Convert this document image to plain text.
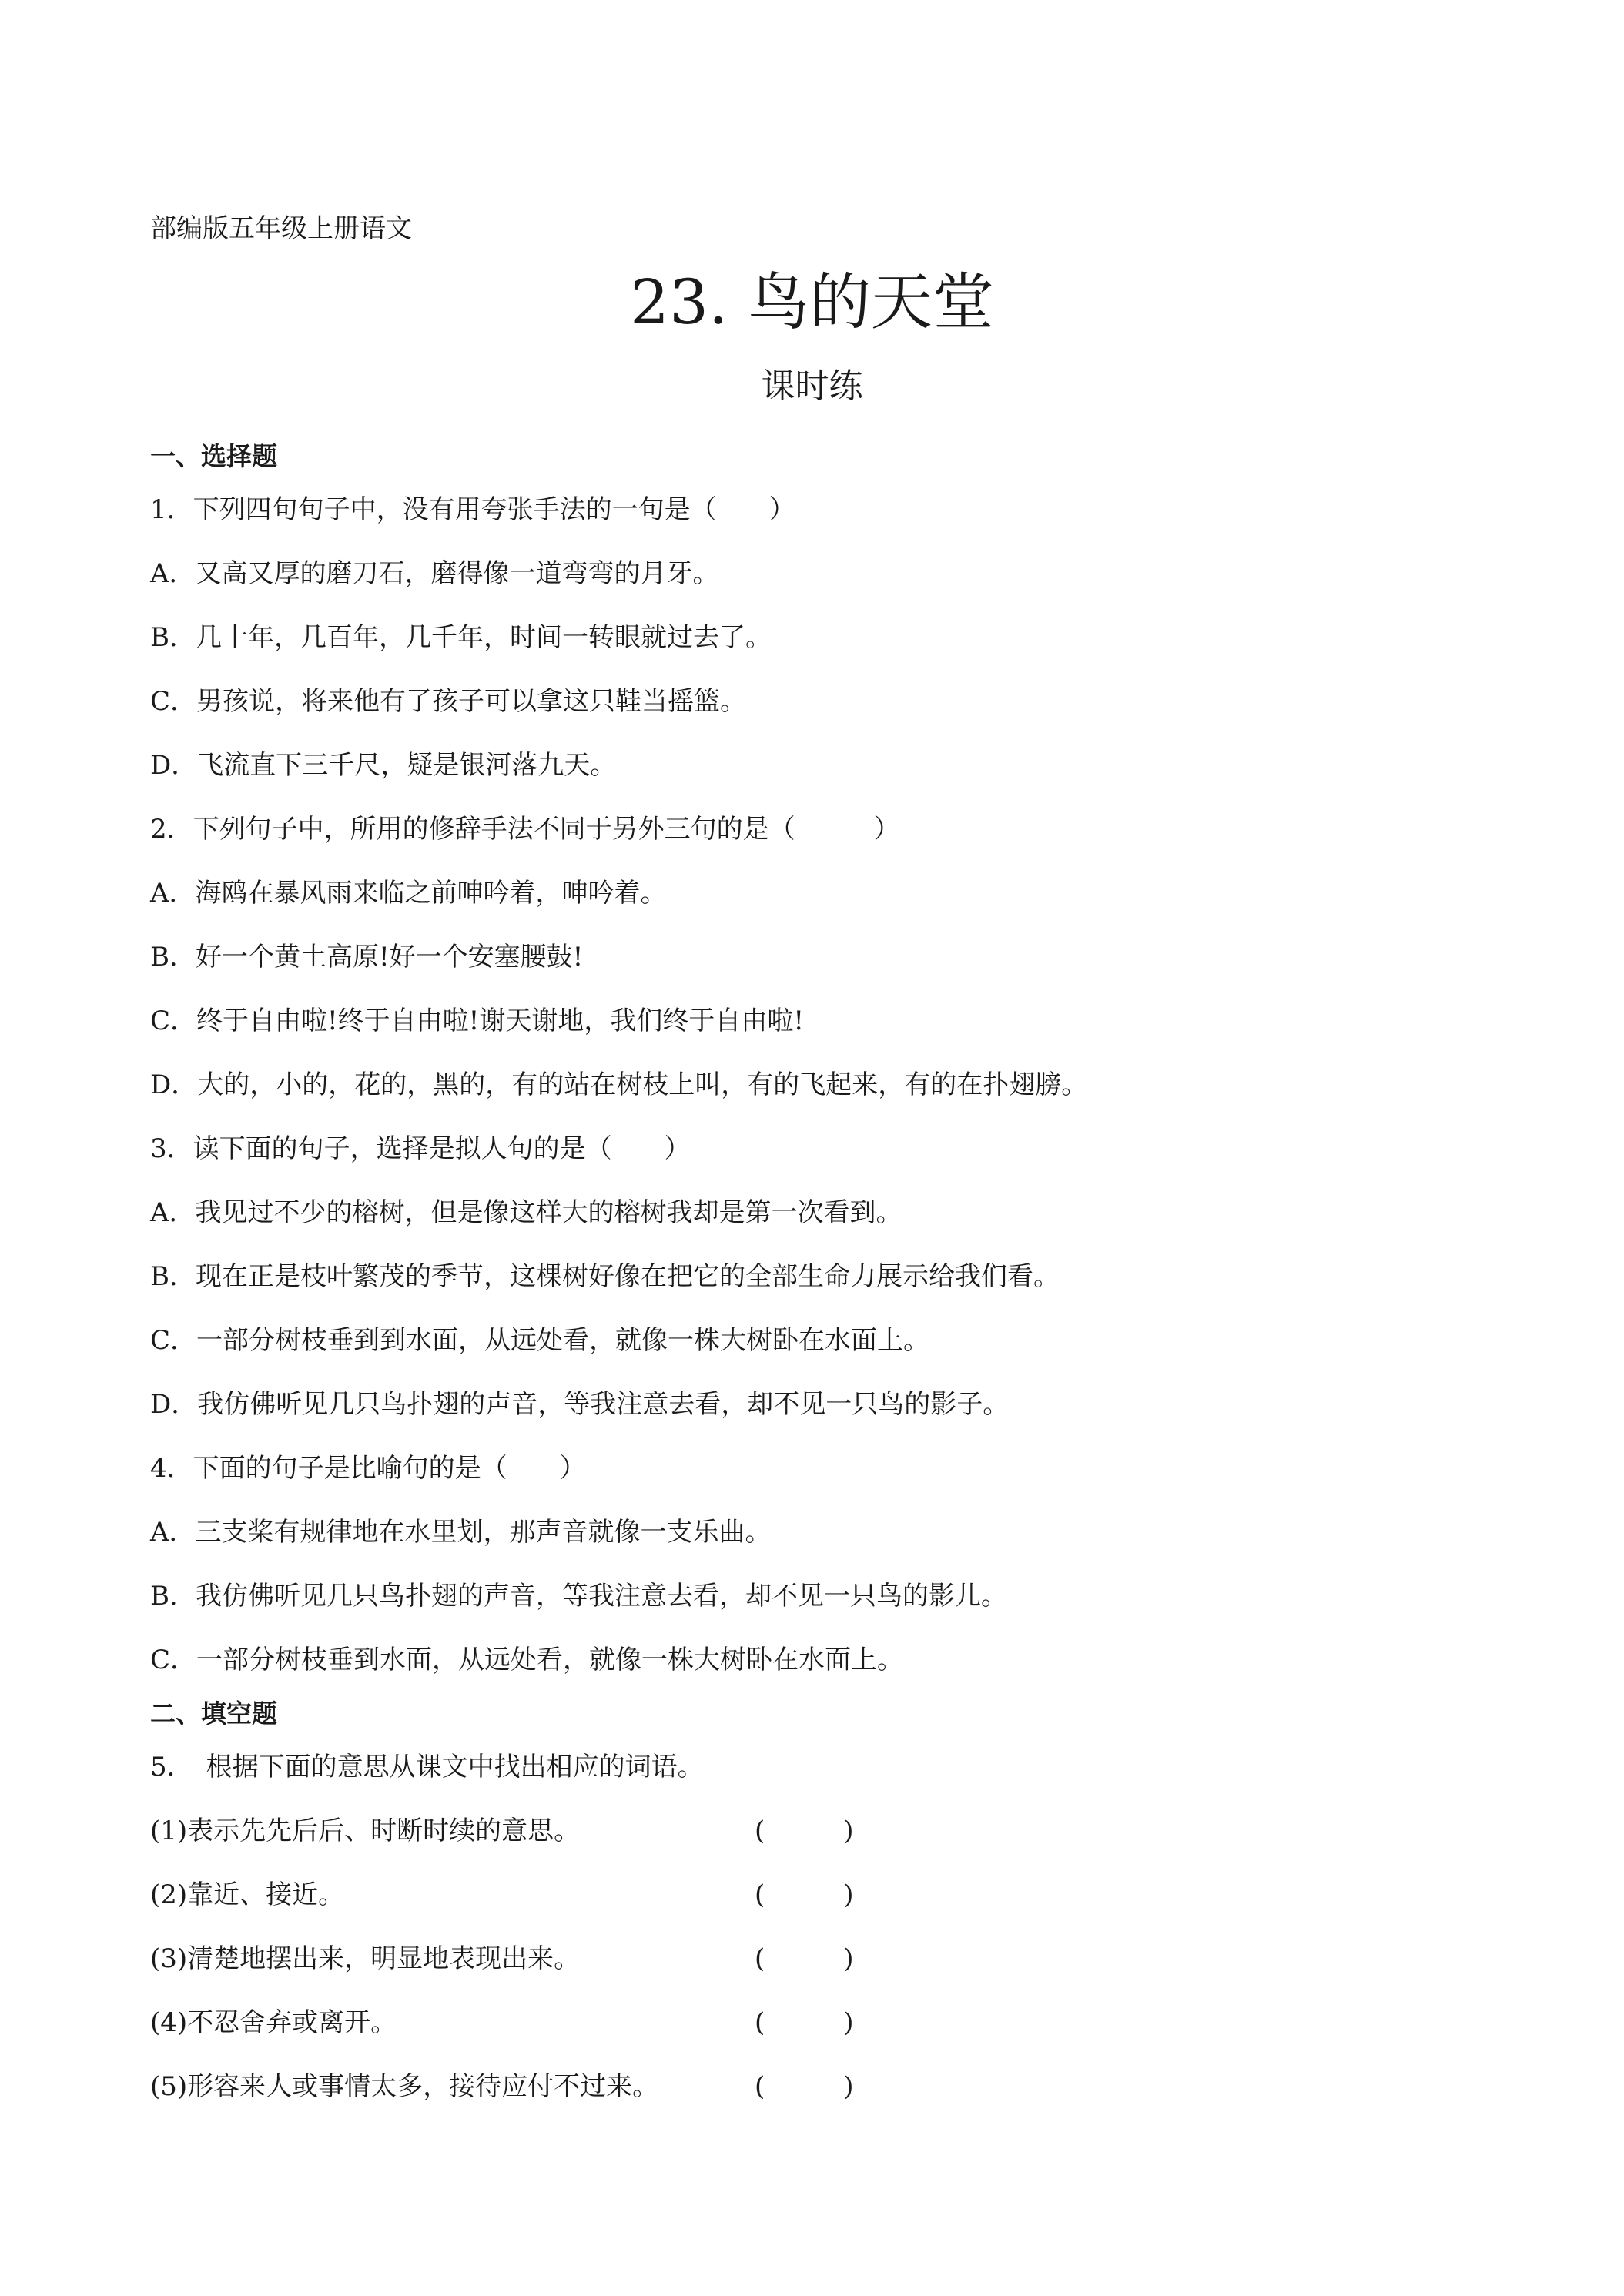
部编版五年级上册语文
23. 鸟的天堂
课时练
一、选择题
1．下列四句句子中，没有用夸张手法的一句是（　　）
A．又高又厚的磨刀石，磨得像一道弯弯的月牙。
B．几十年，几百年，几千年，时间一转眼就过去了。
C．男孩说，将来他有了孩子可以拿这只鞋当摇篮。
D．飞流直下三千尺，疑是银河落九天。
2．下列句子中，所用的修辞手法不同于另外三句的是（　　　）
A．海鸥在暴风雨来临之前呻吟着，呻吟着。
B．好一个黄土高原!好一个安塞腰鼓!
C．终于自由啦!终于自由啦!谢天谢地，我们终于自由啦!
D．大的，小的，花的，黑的，有的站在树枝上叫，有的飞起来，有的在扑翅膀。
3．读下面的句子，选择是拟人句的是（　　）
A．我见过不少的榕树，但是像这样大的榕树我却是第一次看到。
B．现在正是枝叶繁茂的季节，这棵树好像在把它的全部生命力展示给我们看。
C．一部分树枝垂到到水面，从远处看，就像一株大树卧在水面上。
D．我仿佛听见几只鸟扑翅的声音，等我注意去看，却不见一只鸟的影子。
4．下面的句子是比喻句的是（　　）
A．三支桨有规律地在水里划，那声音就像一支乐曲。
B．我仿佛听见几只鸟扑翅的声音，等我注意去看，却不见一只鸟的影儿。
C．一部分树枝垂到水面，从远处看，就像一株大树卧在水面上。
二、填空题
5．　根据下面的意思从课文中找出相应的词语。
(1)表示先先后后、时断时续的意思。	(　　　)
(2)靠近、接近。	(　　　)
(3)清楚地摆出来，明显地表现出来。	(　　　)
(4)不忍舍弃或离开。	(　　　)
(5)形容来人或事情太多，接待应付不过来。	(　　　)
